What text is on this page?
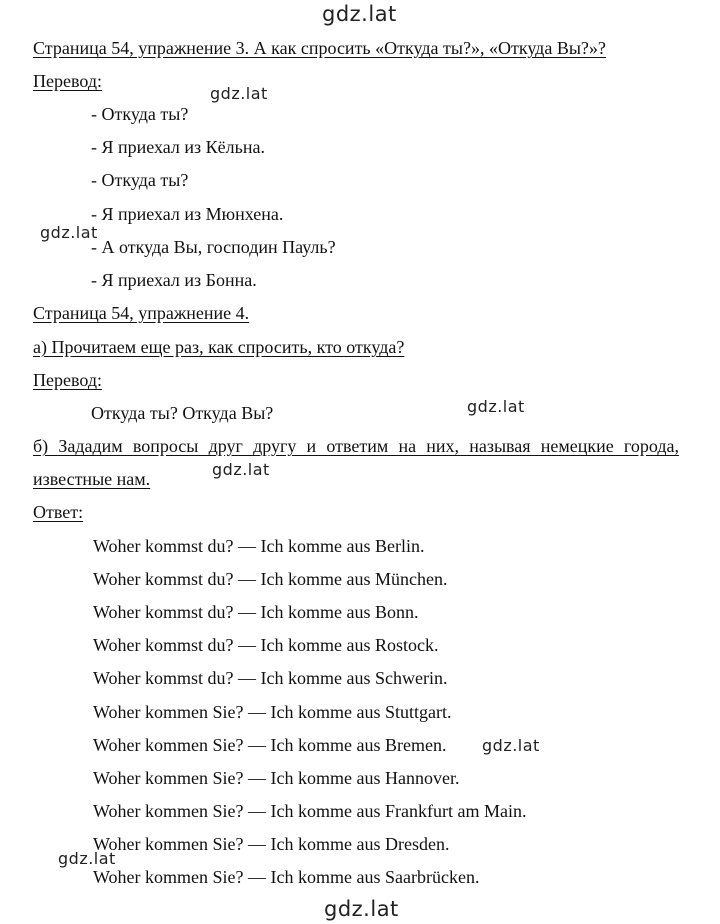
gdz.lat
gdz.lat
gdz.lat
gdz.lat
gdz.lat
gdz.lat
gdz.lat
gdz.lat
Страница 54, упражнение 3. А как спросить «Откуда ты?», «Откуда Вы?»?
Перевод:
- Откуда ты?
- Я приехал из Кёльна.
- Откуда ты?
- Я приехал из Мюнхена.
- А откуда Вы, господин Пауль?
- Я приехал из Бонна.
Страница 54, упражнение 4.
а) Прочитаем еще раз, как спросить, кто откуда?
Перевод:
Откуда ты? Откуда Вы?
б) Зададим вопросы друг другу и ответим на них, называя немецкие города,
известные нам.
Ответ:
Woher kommst du? — Ich komme aus Berlin.
Woher kommst du? — Ich komme aus München.
Woher kommst du? — Ich komme aus Bonn.
Woher kommst du? — Ich komme aus Rostock.
Woher kommst du? — Ich komme aus Schwerin.
Woher kommen Sie? — Ich komme aus Stuttgart.
Woher kommen Sie? — Ich komme aus Bremen.
Woher kommen Sie? — Ich komme aus Hannover.
Woher kommen Sie? — Ich komme aus Frankfurt am Main.
Woher kommen Sie? — Ich komme aus Dresden.
Woher kommen Sie? — Ich komme aus Saarbrücken.
